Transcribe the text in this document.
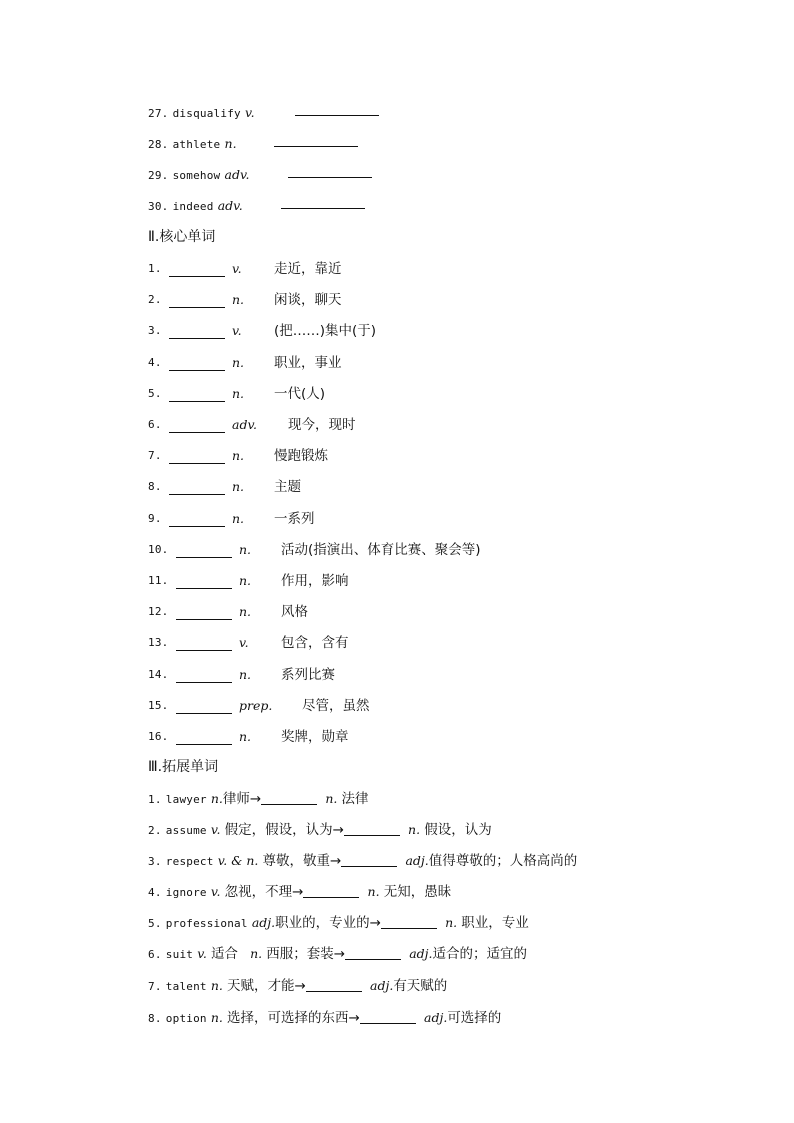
27. disqualify v.
28. athlete n.
29. somehow adv.
30. indeed adv.
Ⅱ.核心单词
1.	v. 走近，靠近
2.	n. 闲谈，聊天
3.	v. (把……)集中(于)
4.	n. 职业，事业
5.	n. 一代(人)
6.	adv. 现今，现时
7.	n. 慢跑锻炼
8.	n. 主题
9.	n. 一系列
10.	n. 活动(指演出、体育比赛、聚会等)
11.	n. 作用，影响
12.	n. 风格
13.	v. 包含，含有
14.	n. 系列比赛
15.	prep. 尽管，虽然
16.	n. 奖牌，勋章
Ⅲ.拓展单词
1. lawyer n.律师→	n. 法律
2. assume v. 假定，假设，认为→	n. 假设，认为
3. respect v. & n. 尊敬，敬重→	adj.值得尊敬的；人格高尚的
4. ignore v. 忽视，不理→	n. 无知，愚昧
5. professional adj.职业的，专业的→	n. 职业，专业
6. suit v. 适合 n. 西服；套装→	adj.适合的；适宜的
7. talent n. 天赋，才能→	adj.有天赋的
8. option n. 选择，可选择的东西→	adj.可选择的
